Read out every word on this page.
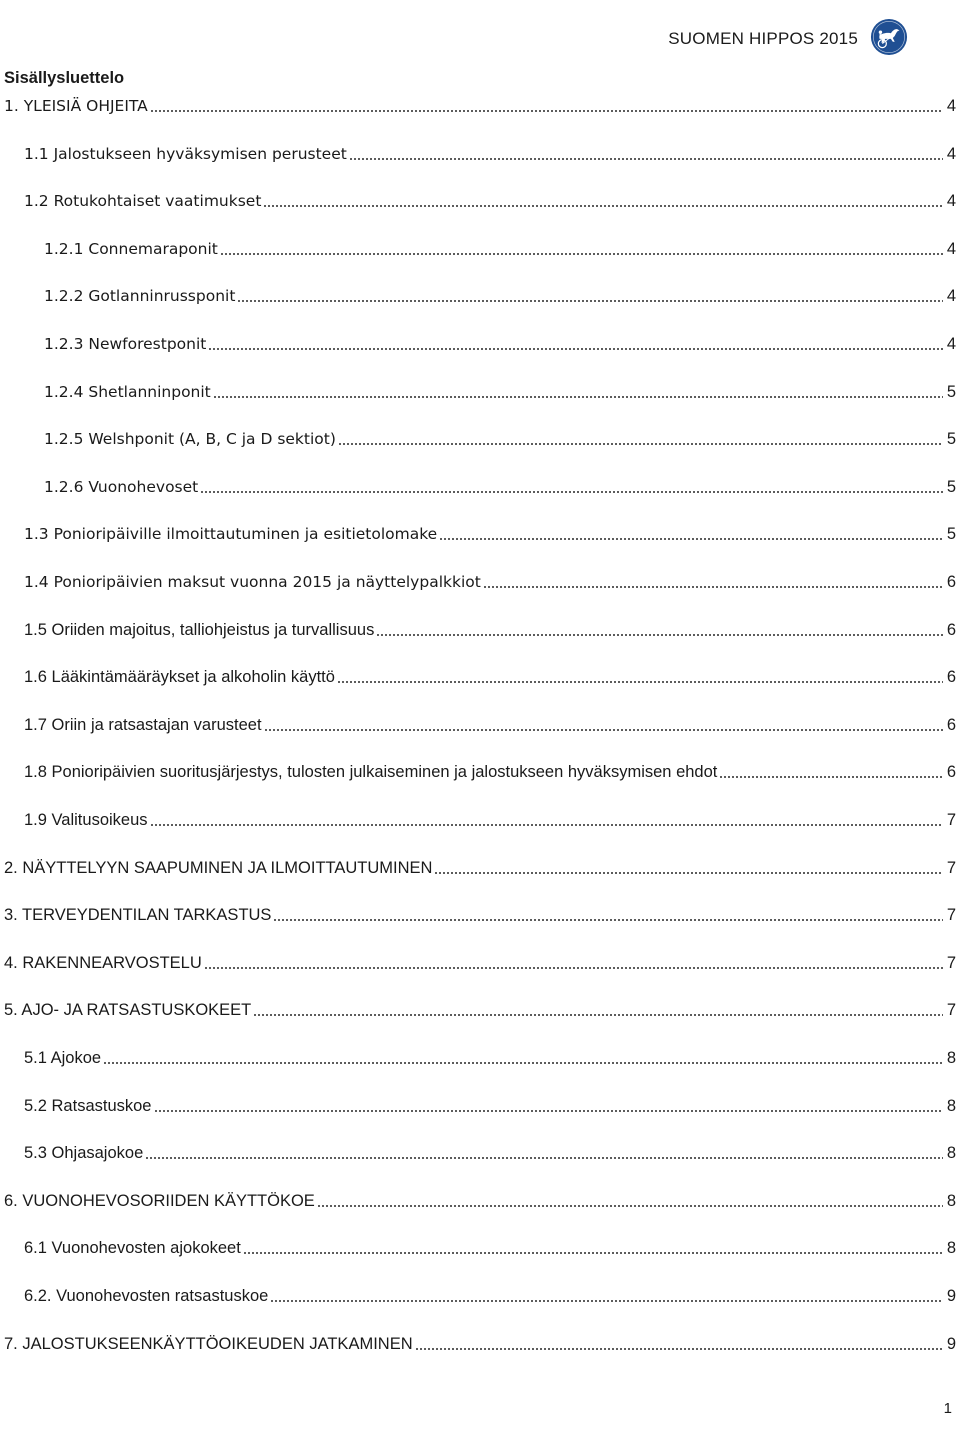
SUOMEN HIPPOS 2015
Sisällysluettelo
1. YLEISIÄ OHJEITA	4
1.1 Jalostukseen hyväksymisen perusteet	4
1.2 Rotukohtaiset vaatimukset	4
1.2.1 Connemaraponit	4
1.2.2 Gotlanninrussponit	4
1.2.3 Newforestponit	4
1.2.4 Shetlanninponit	5
1.2.5 Welshponit (A, B, C ja D sektiot)	5
1.2.6 Vuonohevoset	5
1.3 Ponioripäiville ilmoittautuminen ja esitietolomake	5
1.4 Ponioripäivien maksut vuonna 2015 ja näyttelypalkkiot	6
1.5 Oriiden majoitus, talliohjeistus ja turvallisuus	6
1.6 Lääkintämääräykset ja alkoholin käyttö	6
1.7 Oriin ja ratsastajan varusteet	6
1.8 Ponioripäivien suoritusjärjestys, tulosten julkaiseminen ja jalostukseen hyväksymisen ehdot	6
1.9 Valitusoikeus	7
2. NÄYTTELYYN SAAPUMINEN JA ILMOITTAUTUMINEN	7
3. TERVEYDENTILAN TARKASTUS	7
4. RAKENNEARVOSTELU	7
5. AJO- JA RATSASTUSKOKEET	7
5.1 Ajokoe	8
5.2 Ratsastuskoe	8
5.3 Ohjasajokoe	8
6. VUONOHEVOSORIIDEN KÄYTTÖKOE	8
6.1 Vuonohevosten ajokokeet	8
6.2. Vuonohevosten ratsastuskoe	9
7. JALOSTUKSEENKÄYTTÖOIKEUDEN JATKAMINEN	9
1
